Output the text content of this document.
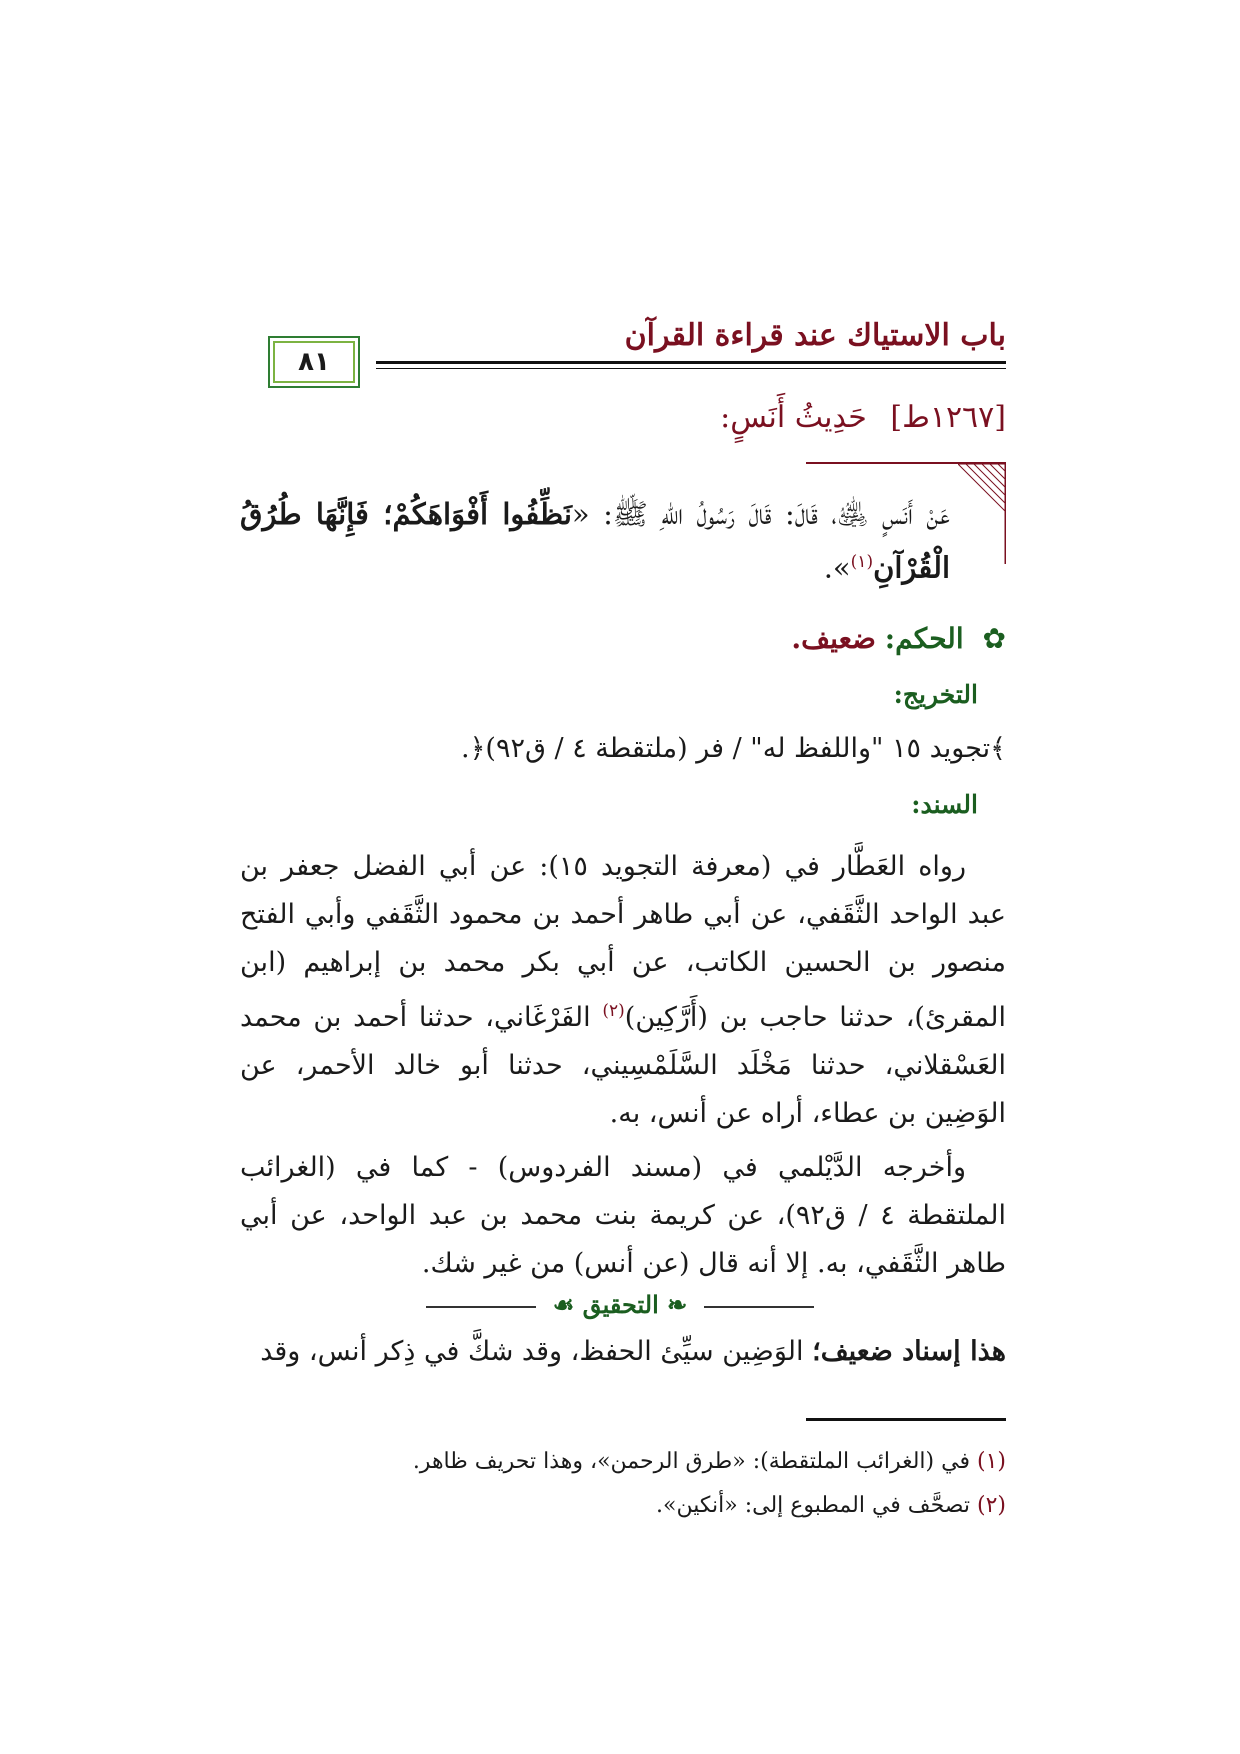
باب الاستياك عند قراءة القرآن
٨١
[١٢٦٧ط] حَدِيثُ أَنَسٍ:
عَنْ أَنَسٍ ﵁، قَالَ: قَالَ رَسُولُ اللهِ ﷺ: «نَظِّفُوا أَفْوَاهَكُمْ؛ فَإِنَّهَا طُرُقُ الْقُرْآنِ$^{(١)}$».
✿ الحكم: ضعيف.
التخريج:
﴾تجويد ١٥ "واللفظ له" / فر (ملتقطة ٤ / ق٩٢)﴿.
السند:

رواه العَطَّار في (معرفة التجويد ١٥): عن أبي الفضل جعفر بن عبد الواحد الثَّقَفي، عن أبي طاهر أحمد بن محمود الثَّقَفي وأبي الفتح منصور بن الحسين الكاتب، عن أبي بكر محمد بن إبراهيم (ابن المقرئ)، حدثنا حاجب بن (أَرَّكِين)$^{(٢)}$ الفَرْغَاني، حدثنا أحمد بن محمد العَسْقلاني، حدثنا مَخْلَد السَّلَمْسِيني، حدثنا أبو خالد الأحمر، عن الوَضِين بن عطاء، أراه عن أنس، به.

وأخرجه الدَّيْلمي في (مسند الفردوس) - كما في (الغرائب الملتقطة ٤ / ق٩٢)، عن كريمة بنت محمد بن عبد الواحد، عن أبي طاهر الثَّقَفي، به. إلا أنه قال (عن أنس) من غير شك.

❧ التحقيق ☙
هذا إسناد ضعيف؛ الوَضِين سيِّئ الحفظ، وقد شكَّ في ذِكر أنس، وقد
(١) في (الغرائب الملتقطة): «طرق الرحمن»، وهذا تحريف ظاهر.
(٢) تصحَّف في المطبوع إلى: «أنكين».
